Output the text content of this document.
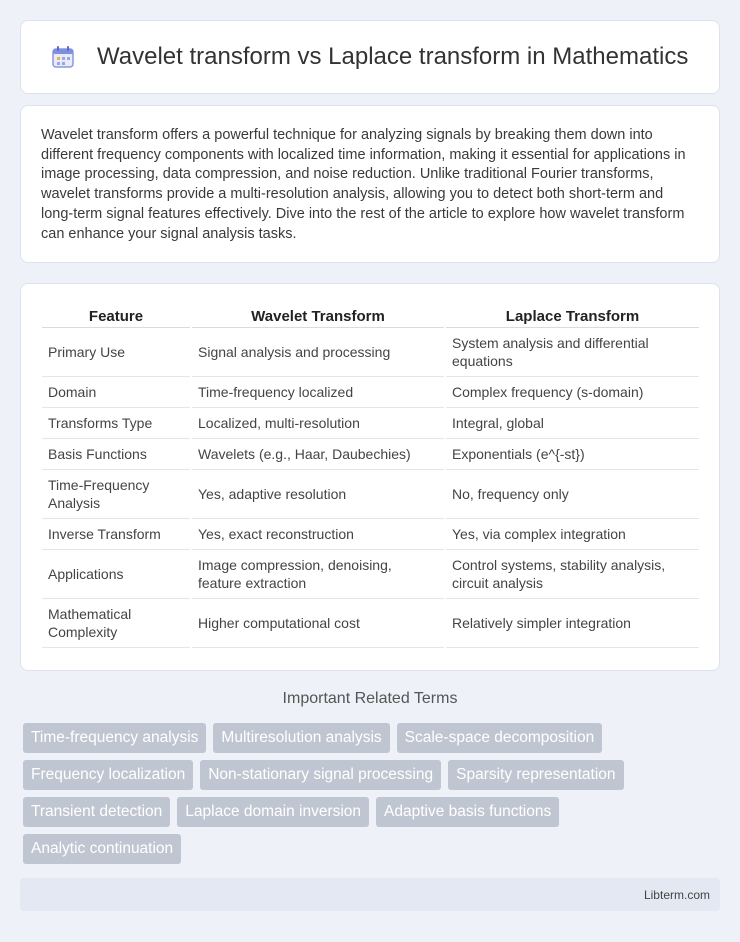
Wavelet transform vs Laplace transform in Mathematics

Wavelet transform offers a powerful technique for analyzing signals by breaking them down into different frequency components with localized time information, making it essential for applications in image processing, data compression, and noise reduction. Unlike traditional Fourier transforms, wavelet transforms provide a multi-resolution analysis, allowing you to detect both short-term and long-term signal features effectively. Dive into the rest of the article to explore how wavelet transform can enhance your signal analysis tasks.

Feature	Wavelet Transform	Laplace Transform
Primary Use	Signal analysis and processing	System analysis and differential equations
Domain	Time-frequency localized	Complex frequency (s-domain)
Transforms Type	Localized, multi-resolution	Integral, global
Basis Functions	Wavelets (e.g., Haar, Daubechies)	Exponentials (e^{-st})
Time-Frequency Analysis	Yes, adaptive resolution	No, frequency only
Inverse Transform	Yes, exact reconstruction	Yes, via complex integration
Applications	Image compression, denoising, feature extraction	Control systems, stability analysis, circuit analysis
Mathematical Complexity	Higher computational cost	Relatively simpler integration
Important Related Terms
Time-frequency analysis	Multiresolution analysis	Scale-space decomposition
Frequency localization	Non-stationary signal processing	Sparsity representation
Transient detection	Laplace domain inversion	Adaptive basis functions
Analytic continuation
Libterm.com
